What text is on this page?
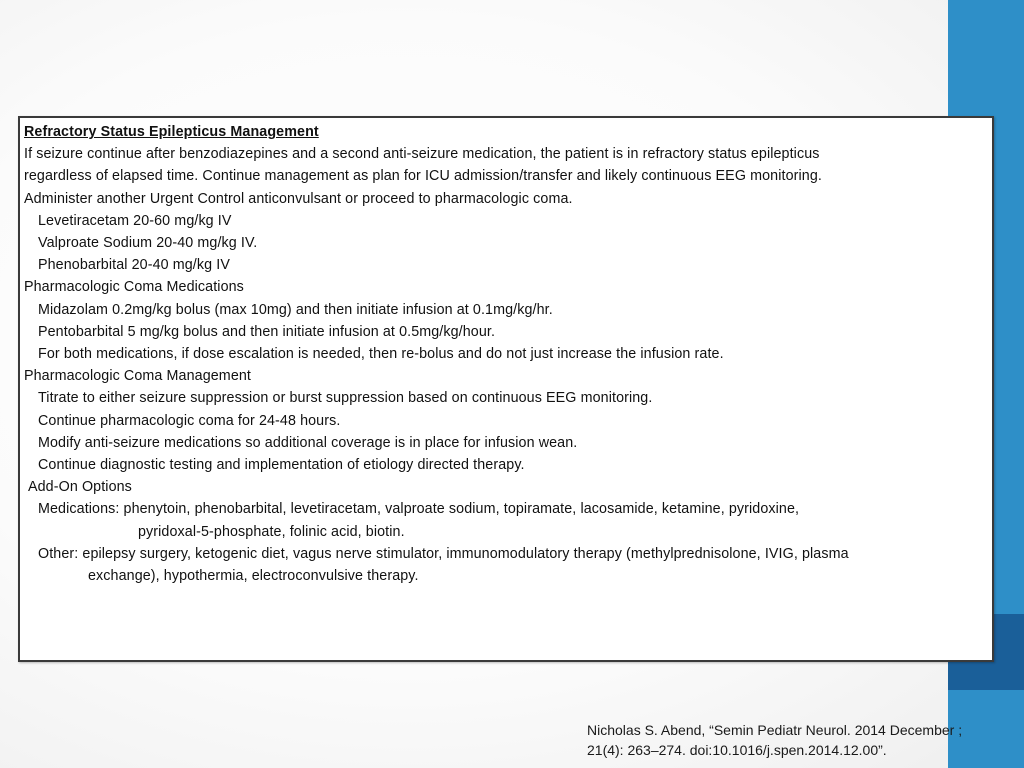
Refractory Status Epilepticus Management

If seizure continue after benzodiazepines and a second anti-seizure medication, the patient is in refractory status epilepticus

regardless of elapsed time. Continue management as plan for ICU admission/transfer and likely continuous EEG monitoring.

Administer another Urgent Control anticonvulsant or proceed to pharmacologic coma.

Levetiracetam 20-60 mg/kg IV

Valproate Sodium 20-40 mg/kg IV.

Phenobarbital 20-40 mg/kg IV

Pharmacologic Coma Medications

Midazolam 0.2mg/kg bolus (max 10mg) and then initiate infusion at 0.1mg/kg/hr.

Pentobarbital 5 mg/kg bolus and then initiate infusion at 0.5mg/kg/hour.

For both medications, if dose escalation is needed, then re-bolus and do not just increase the infusion rate.

Pharmacologic Coma Management

Titrate to either seizure suppression or burst suppression based on continuous EEG monitoring.

Continue pharmacologic coma for 24-48 hours.

Modify anti-seizure medications so additional coverage is in place for infusion wean.

Continue diagnostic testing and implementation of etiology directed therapy.

Add-On Options

Medications: phenytoin, phenobarbital, levetiracetam, valproate sodium, topiramate, lacosamide, ketamine, pyridoxine,

pyridoxal-5-phosphate, folinic acid, biotin.

Other: epilepsy surgery, ketogenic diet, vagus nerve stimulator, immunomodulatory therapy (methylprednisolone, IVIG, plasma

exchange), hypothermia, electroconvulsive therapy.

Nicholas S. Abend, “Semin Pediatr Neurol. 2014 December ;

21(4): 263–274. doi:10.1016/j.spen.2014.12.00”.
